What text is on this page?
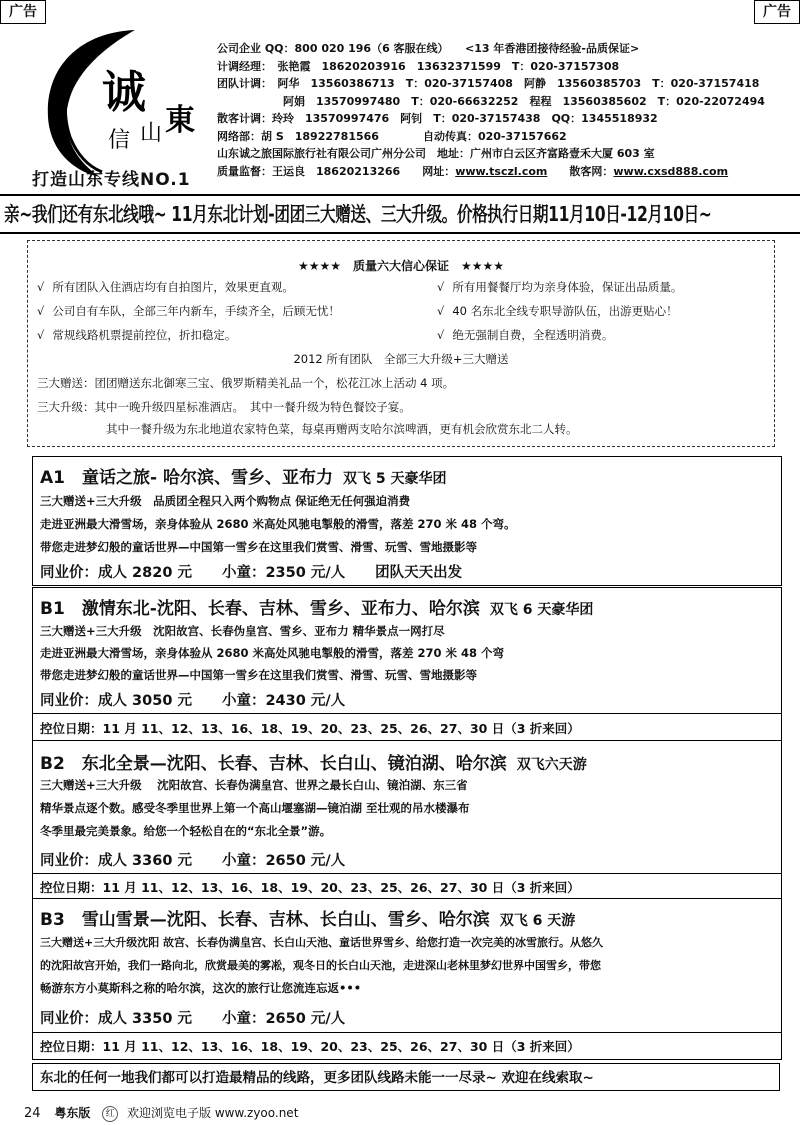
广告	广告
诚
信 山 東
打造山东专线NO.1
公司企业 QQ：800 020 196（6 客服在线）　　<13 年香港团接待经验-品质保证>
计调经理：　张艳霞　18620203916　13632371599　T：020-37157308
团队计调：　阿华　13560386713　T：020-37157408　阿静　13560385703　T：020-37157418
　　　　　　阿娟　13570997480　T：020-66632252　程程　13560385602　T：020-22072494
散客计调：玲玲　13570997476　阿钊　T：020-37157438　QQ：1345518932
网络部：胡 S　18922781566　　　　自动传真：020-37157662
山东诚之旅国际旅行社有限公司广州分公司　地址：广州市白云区齐富路壹禾大厦 603 室
质量监督：王运良　18620213266　　网址：www.tsczl.com　　散客网：www.cxsd888.com
亲~我们还有东北线哦~ 11月东北计划-团团三大赠送、三大升级。价格执行日期11月10日-12月10日~
★★★★　质量六大信心保证　★★★★
√ 所有团队入住酒店均有自拍图片，效果更直观。	√ 所有用餐餐厅均为亲身体验，保证出品质量。
√ 公司自有车队，全部三年内新车，手续齐全，后顾无忧！	√ 40 名东北全线专职导游队伍，出游更贴心！
√ 常规线路机票提前控位，折扣稳定。	√ 绝无强制自费，全程透明消费。
2012 所有团队　全部三大升级+三大赠送
三大赠送：团团赠送东北御寒三宝、俄罗斯精美礼品一个，松花江冰上活动 4 项。
三大升级：其中一晚升级四星标准酒店。　其中一餐升级为特色餐饺子宴。
其中一餐升级为东北地道农家特色菜，每桌再赠两支哈尔滨啤酒，更有机会欣赏东北二人转。
A1　童话之旅- 哈尔滨、雪乡、亚布力 双飞 5 天豪华团
三大赠送+三大升级　品质团全程只入两个购物点 保证绝无任何强迫消费
走进亚洲最大滑雪场，亲身体验从 2680 米高处风驰电掣般的滑雪，落差 270 米 48 个弯。
带您走进梦幻般的童话世界—中国第一雪乡在这里我们赏雪、滑雪、玩雪、雪地摄影等
同业价：成人 2820 元 小童：2350 元/人 团队天天出发
B1　激情东北-沈阳、长春、吉林、雪乡、亚布力、哈尔滨 双飞 6 天豪华团
三大赠送+三大升级　沈阳故宫、长春伪皇宫、雪乡、亚布力 精华景点一网打尽
走进亚洲最大滑雪场，亲身体验从 2680 米高处风驰电掣般的滑雪，落差 270 米 48 个弯
带您走进梦幻般的童话世界—中国第一雪乡在这里我们赏雪、滑雪、玩雪、雪地摄影等
同业价：成人 3050 元 小童：2430 元/人
控位日期：11 月 11、12、13、16、18、19、20、23、25、26、27、30 日（3 折来回）
B2　东北全景—沈阳、长春、吉林、长白山、镜泊湖、哈尔滨 双飞六天游
三大赠送+三大升级　 沈阳故宫、长春伪满皇宫、世界之最长白山、镜泊湖、东三省
精华景点逐个数。感受冬季里世界上第一个高山堰塞湖—镜泊湖 至壮观的吊水楼瀑布
冬季里最完美景象。给您一个轻松自在的“东北全景”游。
同业价：成人 3360 元 小童：2650 元/人
控位日期：11 月 11、12、13、16、18、19、20、23、25、26、27、30 日（3 折来回）
B3　雪山雪景—沈阳、长春、吉林、长白山、雪乡、哈尔滨 双飞 6 天游
三大赠送+三大升级沈阳 故宫、长春伪满皇宫、长白山天池、童话世界雪乡、给您打造一次完美的冰雪旅行。从悠久
的沈阳故宫开始，我们一路向北，欣赏最美的雾凇，观冬日的长白山天池，走进深山老林里梦幻世界中国雪乡，带您
畅游东方小莫斯科之称的哈尔滨，这次的旅行让您流连忘返•••
同业价：成人 3350 元 小童：2650 元/人
控位日期：11 月 11、12、13、16、18、19、20、23、25、26、27、30 日（3 折来回）
东北的任何一地我们都可以打造最精品的线路，更多团队线路未能一一尽录~ 欢迎在线索取~
24 粤东版 红 欢迎浏览电子版 www.zyoo.net
